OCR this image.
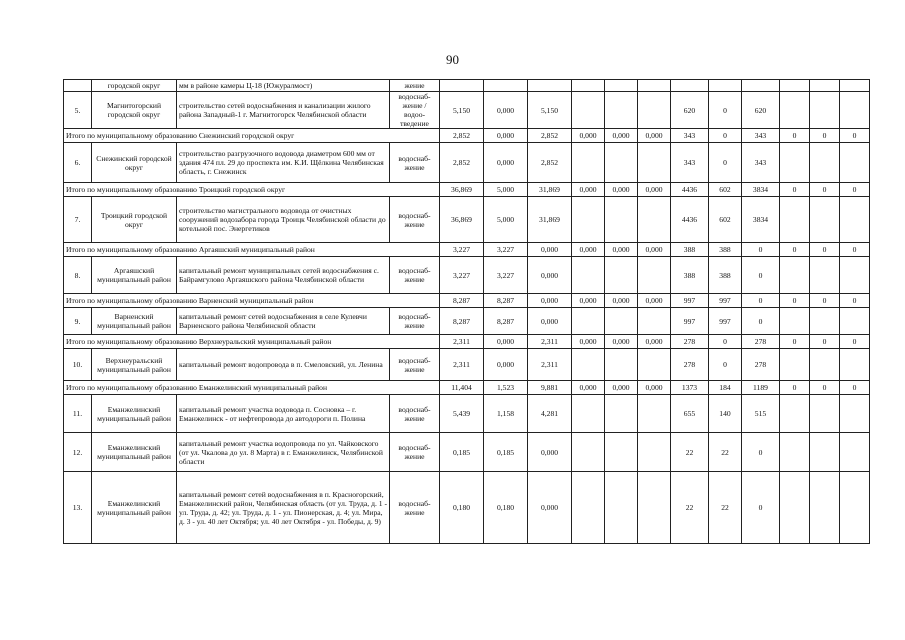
90
	городской округ	мм в районе камеры Ц-18 (Южуралмост)	жение												
5.	Магнитогорский городской округ	строительство сетей водоснабжения и канализации жилого района Западный-1 г. Магнитогорск Челябинской области	водоснаб-жение / водоо-тведение	5,150	0,000	5,150				620	0	620			
Итого по муниципальному образованию Снежинский городской округ				2,852	0,000	2,852	0,000	0,000	0,000	343	0	343	0	0	0
6.	Снежинский городской округ	строительство разгрузочного водовода диаметром 600 мм от здания 474 пл. 29 до проспекта им. К.И. Щёлкина Челябинская область, г. Снежинск	водоснаб-жение	2,852	0,000	2,852				343	0	343			
Итого по муниципальному образованию Троицкий городской округ				36,869	5,000	31,869	0,000	0,000	0,000	4436	602	3834	0	0	0
7.	Троицкий городской округ	строительство магистрального водовода от очистных сооружений водозабора города Троицк Челябинской области до котельной пос. Энергетиков	водоснаб-жение	36,869	5,000	31,869				4436	602	3834			
Итого по муниципальному образованию Аргаяшский муниципальный район				3,227	3,227	0,000	0,000	0,000	0,000	388	388	0	0	0	0
8.	Аргаяшский муниципальный район	капитальный ремонт муниципальных сетей водоснабжения с. Байрамгулово Аргаяшского района Челябинской области	водоснаб-жение	3,227	3,227	0,000				388	388	0			
Итого по муниципальному образованию Варненский муниципальный район				8,287	8,287	0,000	0,000	0,000	0,000	997	997	0	0	0	0
9.	Варненский муниципальный район	капитальный ремонт сетей водоснабжения в селе Кулевчи Варненского района Челябинской области	водоснаб-жение	8,287	8,287	0,000				997	997	0			
Итого по муниципальному образованию Верхнеуральский муниципальный район				2,311	0,000	2,311	0,000	0,000	0,000	278	0	278	0	0	0
10.	Верхнеуральский муниципальный район	капитальный ремонт водопровода в п. Смеловский, ул. Ленина	водоснаб-жение	2,311	0,000	2,311				278	0	278			
Итого по муниципальному образованию Еманжелинский муниципальный район				11,404	1,523	9,881	0,000	0,000	0,000	1373	184	1189	0	0	0
11.	Еманжелинский муниципальный район	капитальный ремонт участка водовода п. Сосновка – г. Еманжелинск - от нефтепровода до автодороги п. Полина	водоснаб-жение	5,439	1,158	4,281				655	140	515			
12.	Еманжелинский муниципальный район	капитальный ремонт участка водопровода по ул. Чайковского (от ул. Чкалова до ул. 8 Марта) в г. Еманжелинск, Челябинской области	водоснаб-жение	0,185	0,185	0,000				22	22	0			
13.	Еманжелинский муниципальный район	капитальный ремонт сетей водоснабжения в п. Красногорский, Еманжелинский район, Челябинская область (от ул. Труда, д. 1 - ул. Труда, д. 42; ул. Труда, д. 1 - ул. Пионерская, д. 4; ул. Мира, д. 3 - ул. 40 лет Октября; ул. 40 лет Октября - ул. Победы, д. 9)	водоснаб-жение	0,180	0,180	0,000				22	22	0			
